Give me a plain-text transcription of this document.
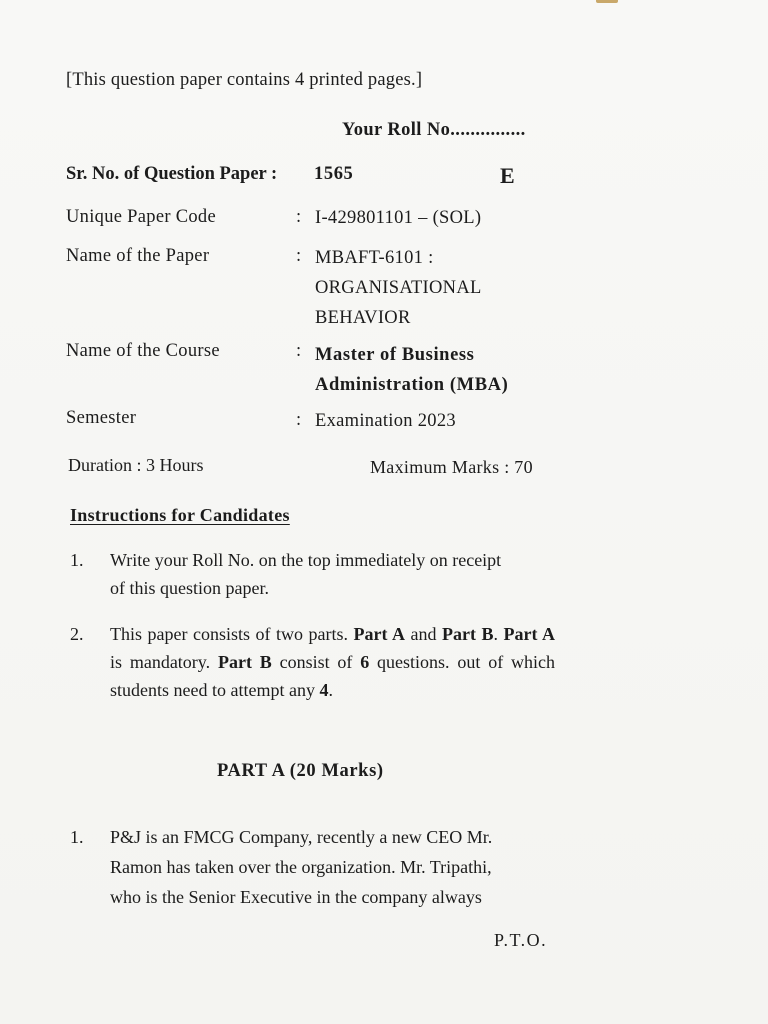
[This question paper contains 4 printed pages.]
Your Roll No...............
Sr. No. of Question Paper : 1565	E
Unique Paper Code	: I-429801101 – (SOL)
Name of the Paper	: MBAFT-6101 :
ORGANISATIONAL
BEHAVIOR
Name of the Course	: Master of Business
Administration (MBA)
Semester	: Examination 2023
Duration : 3 Hours	Maximum Marks : 70
Instructions for Candidates
1. Write your Roll No. on the top immediately on receipt
of this question paper.
2. This paper consists of two parts. Part A and Part B. Part A is mandatory. Part B consist of 6 questions. out of which students need to attempt any 4.
PART A (20 Marks)
1. P&J is an FMCG Company, recently a new CEO Mr.
Ramon has taken over the organization. Mr. Tripathi,
who is the Senior Executive in the company always
P.T.O.
